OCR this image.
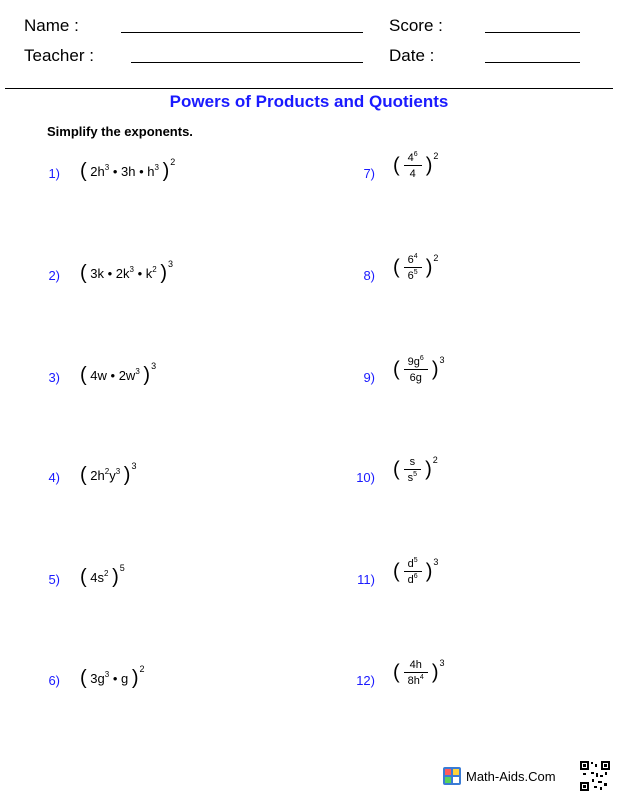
Name :
Teacher :
Score :
Date :
Powers of Products and Quotients
Simplify the exponents.
1) ( $2h^3$ • 3h • $h^3$ )$^2$
2) ( 3k • $2k^3$ • $k^2$ )$^3$
3) ( 4w • $2w^3$ )$^3$
4) ( $2h^2y^3$ )$^3$
5) ( $4s^2$ )$^5$
6) ( $3g^3$ • g )$^2$
7) ( $\frac{4^6}{4} )^2$
8) ( $\frac{6^4}{6^5} )^2$
9) ( $\frac{9g^6}{6g} )^3$
10) ( $\frac{s}{s^5} )^2$
11) ( $\frac{d^5}{d^6} )^3$
12) ( $\frac{4h}{8h^4} )^3$
Math-Aids.Com
